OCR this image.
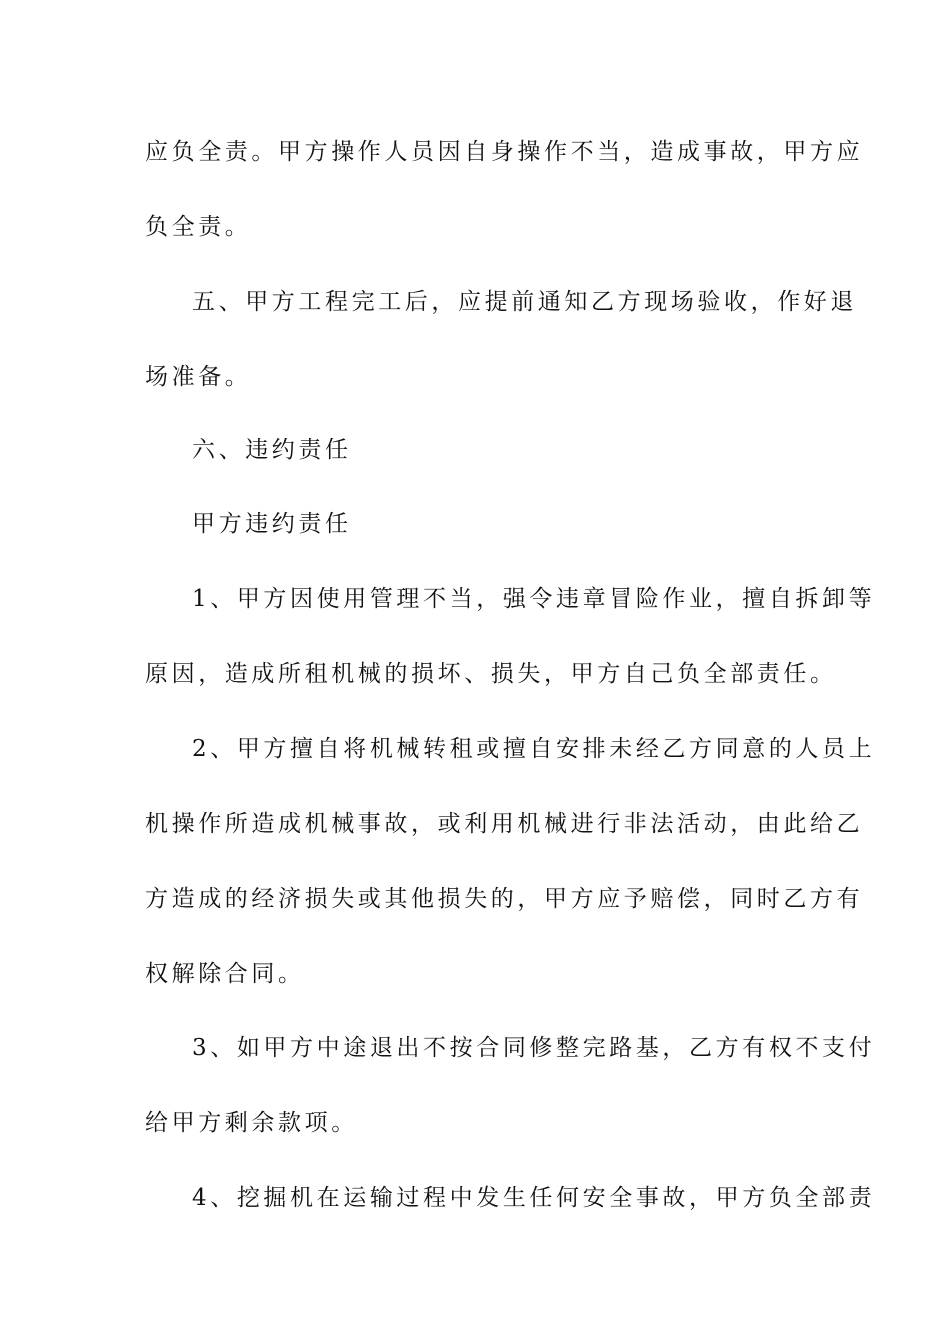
应负全责。甲方操作人员因自身操作不当，造成事故，甲方应

负全责。

五、甲方工程完工后，应提前通知乙方现场验收，作好退

场准备。

六、违约责任

甲方违约责任

1、甲方因使用管理不当，强令违章冒险作业，擅自拆卸等

原因，造成所租机械的损坏、损失，甲方自己负全部责任。

2、甲方擅自将机械转租或擅自安排未经乙方同意的人员上

机操作所造成机械事故，或利用机械进行非法活动，由此给乙

方造成的经济损失或其他损失的，甲方应予赔偿，同时乙方有

权解除合同。

3、如甲方中途退出不按合同修整完路基，乙方有权不支付

给甲方剩余款项。

4、挖掘机在运输过程中发生任何安全事故，甲方负全部责
